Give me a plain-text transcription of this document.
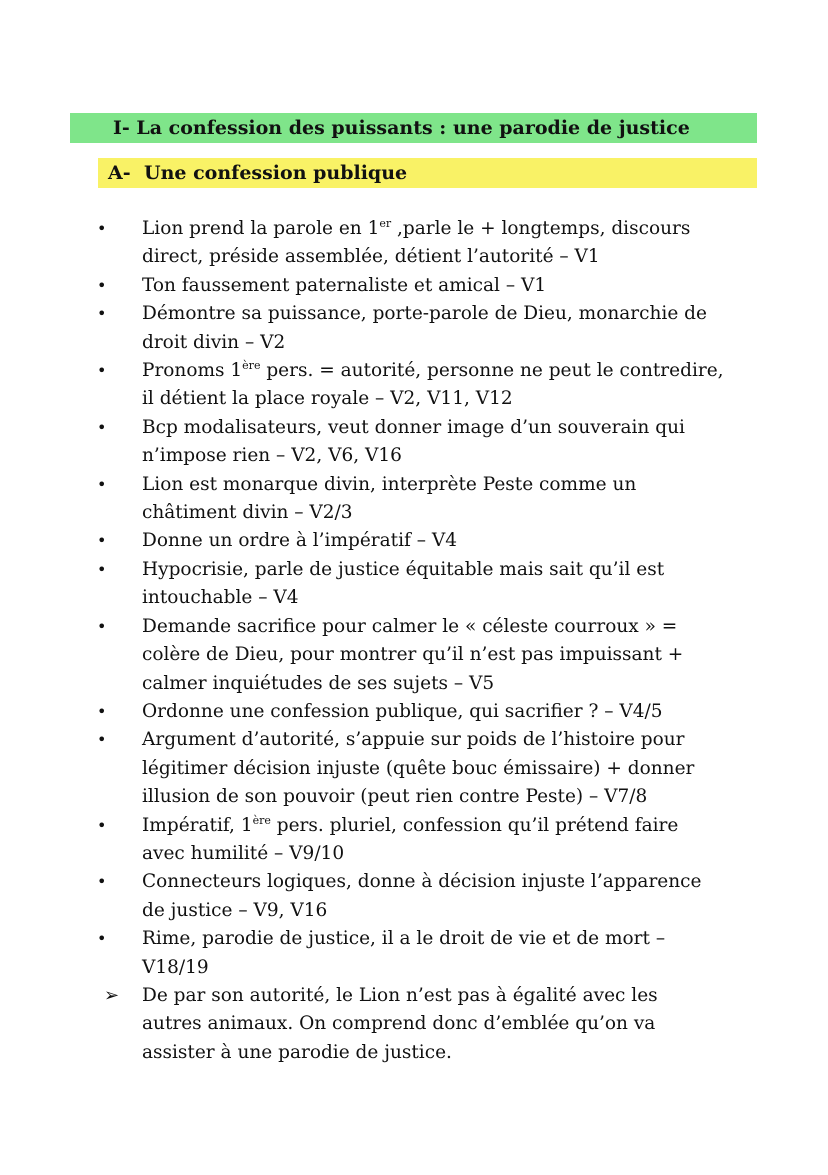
I- La confession des puissants : une parodie de justice
A- Une confession publique
• Lion prend la parole en 1er ,parle le + longtemps, discours
direct, préside assemblée, détient l’autorité – V1
• Ton faussement paternaliste et amical – V1
• Démontre sa puissance, porte-parole de Dieu, monarchie de
droit divin – V2
• Pronoms 1ère pers. = autorité, personne ne peut le contredire,
il détient la place royale – V2, V11, V12
• Bcp modalisateurs, veut donner image d’un souverain qui
n’impose rien – V2, V6, V16
• Lion est monarque divin, interprète Peste comme un
châtiment divin – V2/3
• Donne un ordre à l’impératif – V4
• Hypocrisie, parle de justice équitable mais sait qu’il est
intouchable – V4
• Demande sacrifice pour calmer le « céleste courroux » =
colère de Dieu, pour montrer qu’il n’est pas impuissant +
calmer inquiétudes de ses sujets – V5
• Ordonne une confession publique, qui sacrifier ? – V4/5
• Argument d’autorité, s’appuie sur poids de l’histoire pour
légitimer décision injuste (quête bouc émissaire) + donner
illusion de son pouvoir (peut rien contre Peste) – V7/8
• Impératif, 1ère pers. pluriel, confession qu’il prétend faire
avec humilité – V9/10
• Connecteurs logiques, donne à décision injuste l’apparence
de justice – V9, V16
• Rime, parodie de justice, il a le droit de vie et de mort –
V18/19
➢ De par son autorité, le Lion n’est pas à égalité avec les
autres animaux. On comprend donc d’emblée qu’on va
assister à une parodie de justice.
